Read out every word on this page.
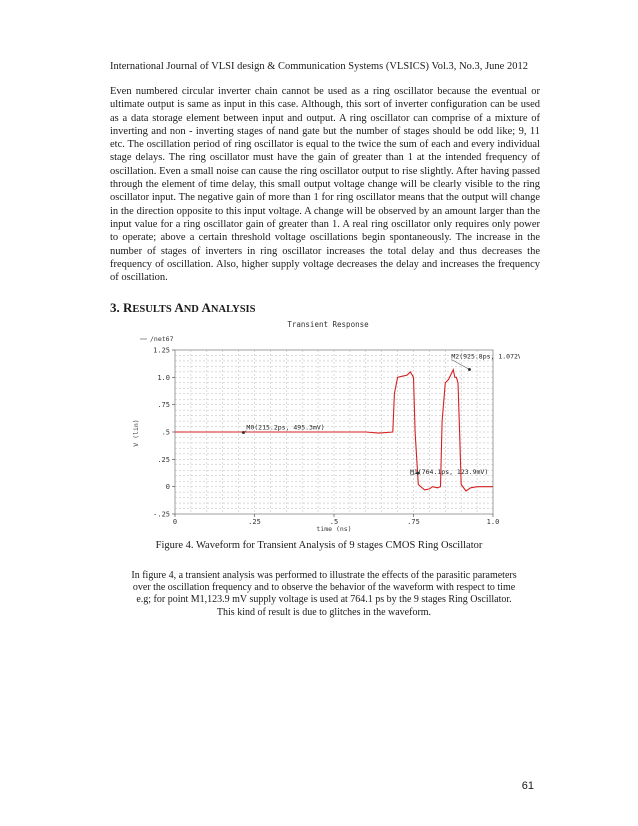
International Journal of VLSI design & Communication Systems (VLSICS) Vol.3, No.3, June 2012

Even numbered circular inverter chain cannot be used as a ring oscillator because the eventual or ultimate output is same as input in this case. Although, this sort of inverter configuration can be used as a data storage element between input and output. A ring oscillator can comprise of a mixture of inverting and non - inverting stages of nand gate but the number of stages should be odd like; 9, 11 etc. The oscillation period of ring oscillator is equal to the twice the sum of each and every individual stage delays. The ring oscillator must have the gain of greater than 1 at the intended frequency of oscillation. Even a small noise can cause the ring oscillator output to rise slightly. After having passed through the element of time delay, this small output voltage change will be clearly visible to the ring oscillator input. The negative gain of more than 1 for ring oscillator means that the output will change in the direction opposite to this input voltage. A change will be observed by an amount larger than the input value for a ring oscillator gain of greater than 1. A real ring oscillator only requires only power to operate; above a certain threshold voltage oscillations begin spontaneously. The increase in the number of stages of inverters in ring oscillator increases the total delay and thus decreases the frequency of oscillation. Also, higher supply voltage decreases the delay and increases the frequency of oscillation.

3. RESULTS AND ANALYSIS
Transient Response
/net67
V (lin)
time (ns)
0	.25	.5	.75	1.0
1.25
1.0
.75
.5
.25
0
-.25
M0(215.2ps, 495.3mV)
M2(925.8ps, 1.072V)
M1(764.1ps, 123.9mV)
Figure 4. Waveform for Transient Analysis of 9 stages CMOS Ring Oscillator
In figure 4, a transient analysis was performed to illustrate the effects of the parasitic parameters
over the oscillation frequency and to observe the behavior of the waveform with respect to time
e.g; for point M1,123.9 mV supply voltage is used at 764.1 ps by the 9 stages Ring Oscillator.
This kind of result is due to glitches in the waveform.
61
